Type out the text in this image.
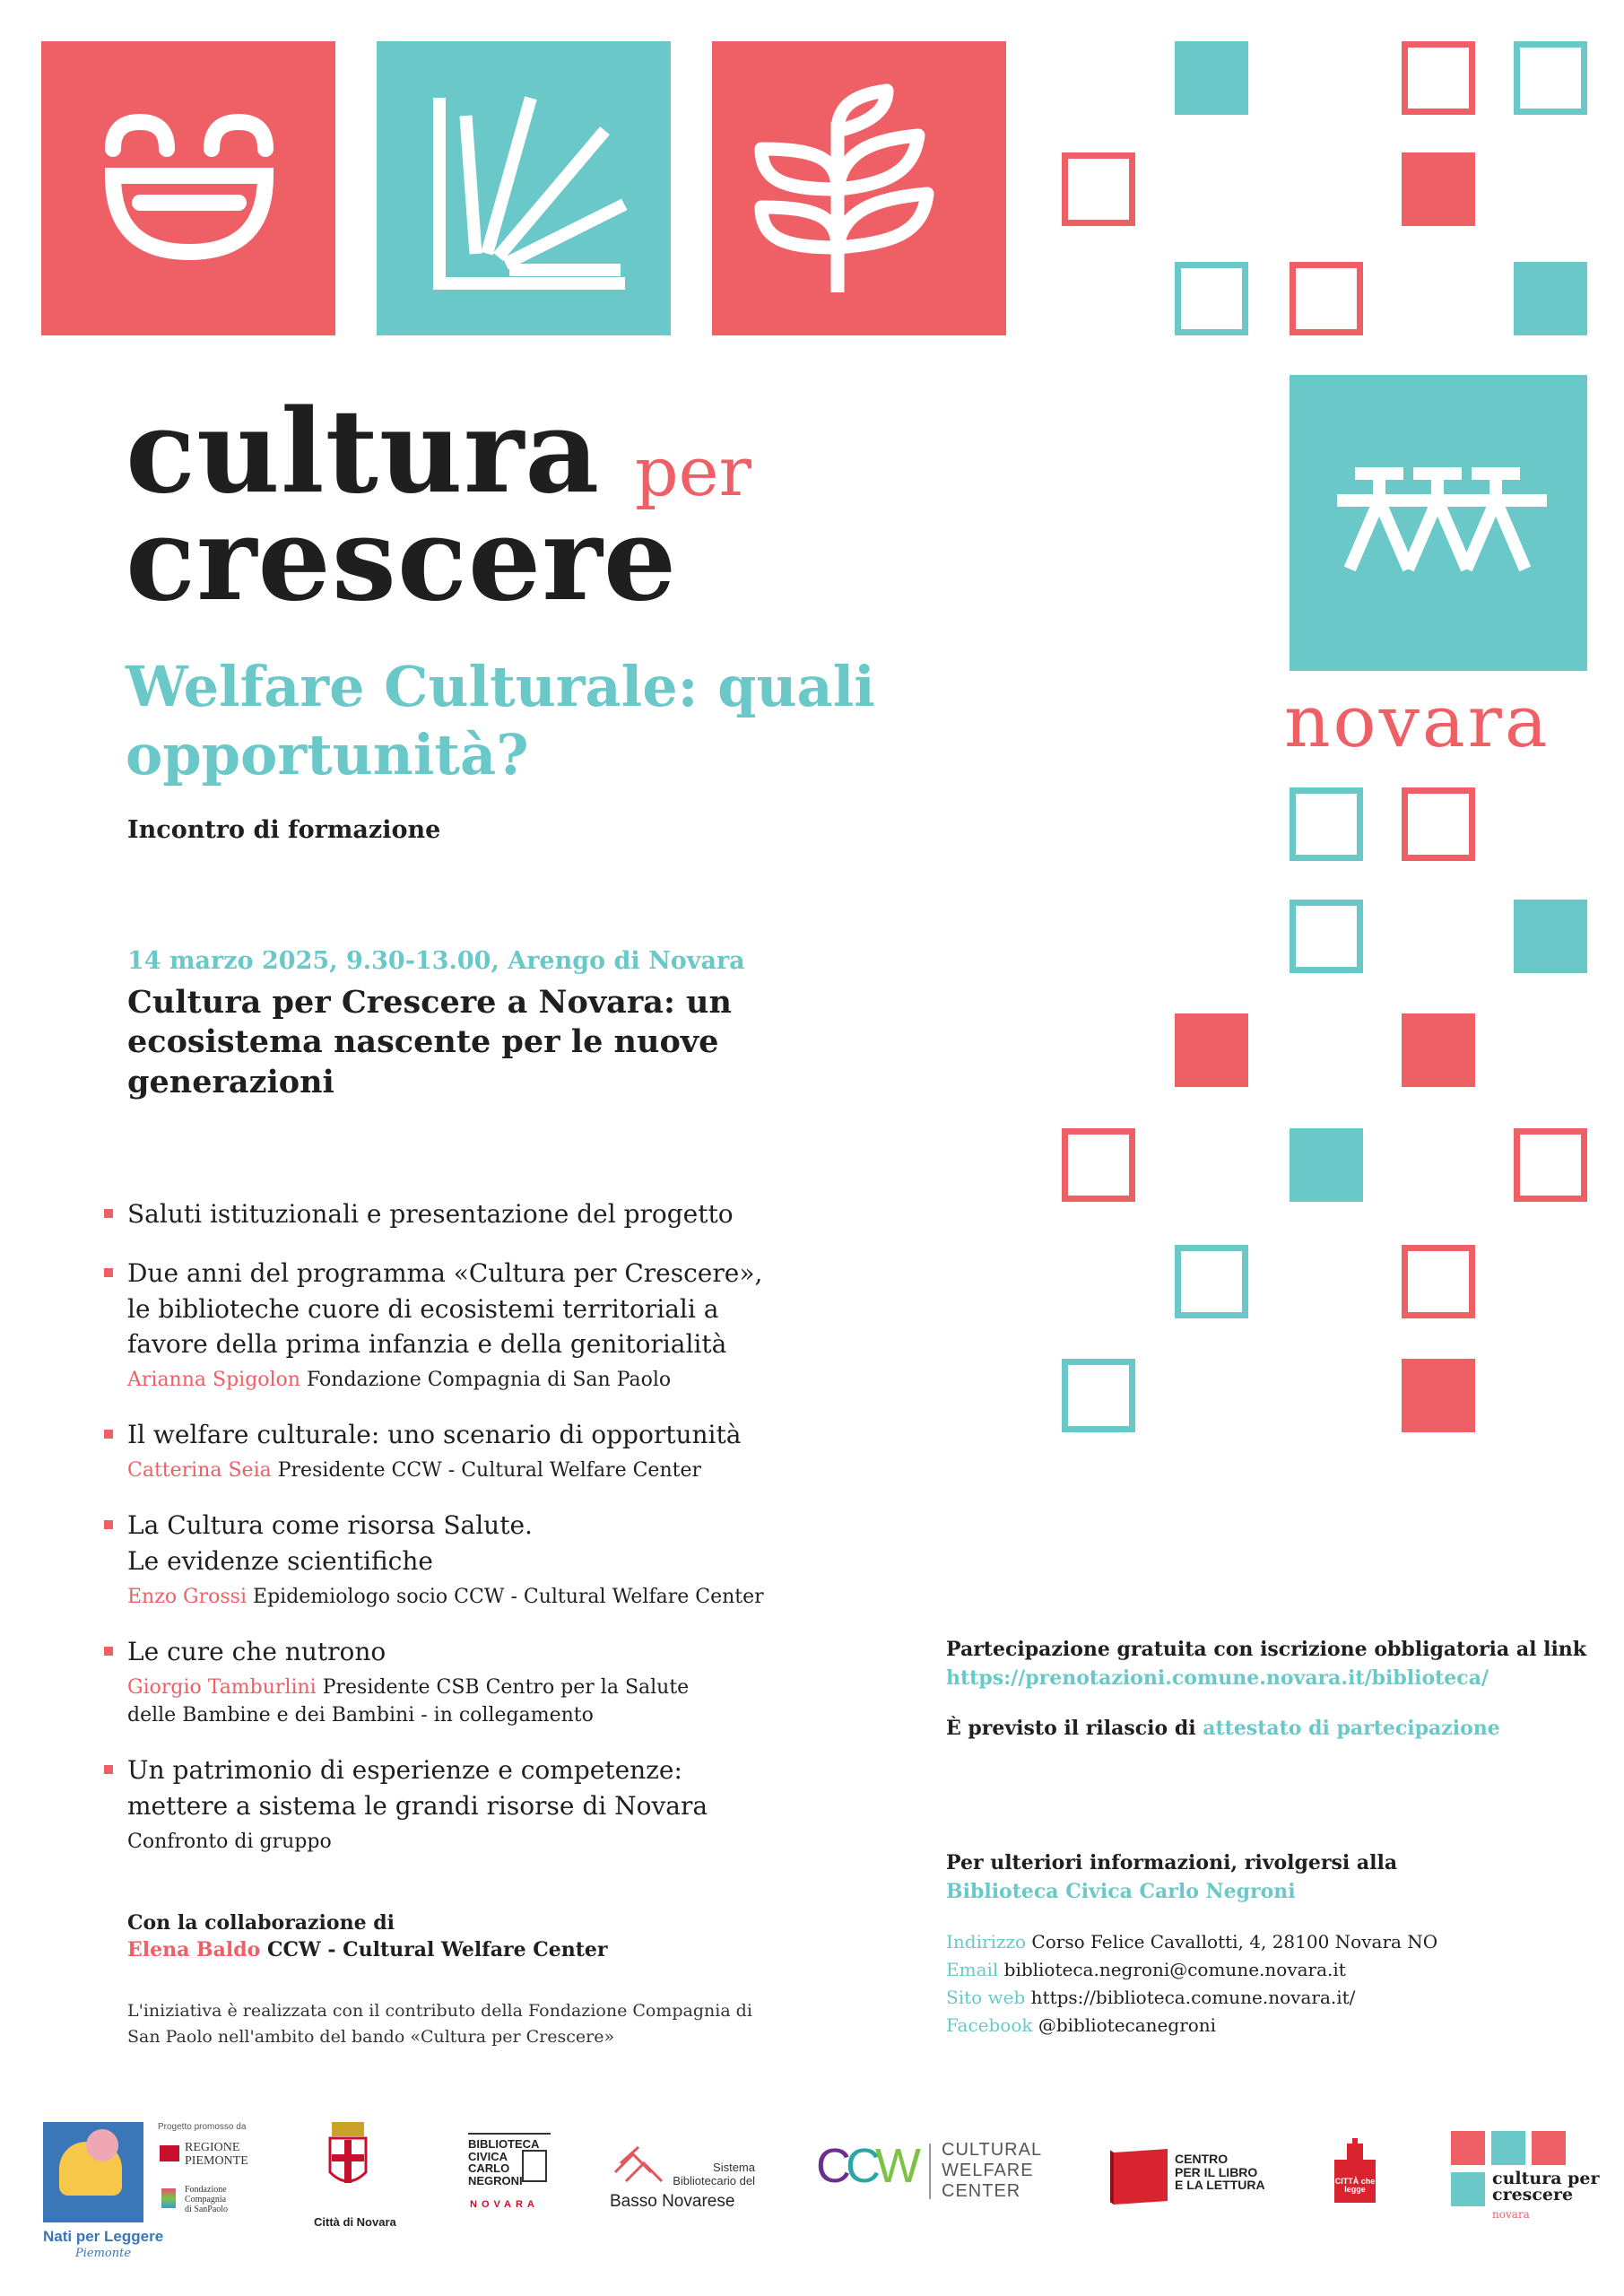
novara
cultura per
crescere
Welfare Culturale: quali opportunità?
Incontro di formazione
14 marzo 2025, 9.30-13.00, Arengo di Novara
Cultura per Crescere a Novara: un ecosistema nascente per le nuove generazioni
Saluti istituzionali e presentazione del progetto
Due anni del programma «Cultura per Crescere»,
le biblioteche cuore di ecosistemi territoriali a
favore della prima infanzia e della genitorialità
Arianna Spigolon Fondazione Compagnia di San Paolo
Il welfare culturale: uno scenario di opportunità
Catterina Seia Presidente CCW - Cultural Welfare Center
La Cultura come risorsa Salute.
Le evidenze scientifiche
Enzo Grossi Epidemiologo socio CCW - Cultural Welfare Center
Le cure che nutrono
Giorgio Tamburlini Presidente CSB Centro per la Salute
delle Bambine e dei Bambini - in collegamento
Un patrimonio di esperienze e competenze:
mettere a sistema le grandi risorse di Novara
Confronto di gruppo
Con la collaborazione di
Elena Baldo CCW - Cultural Welfare Center
L'iniziativa è realizzata con il contributo della Fondazione Compagnia di San Paolo nell'ambito del bando «Cultura per Crescere»
Partecipazione gratuita con iscrizione obbligatoria al link
https://prenotazioni.comune.novara.it/biblioteca/
È previsto il rilascio di attestato di partecipazione
Per ulteriori informazioni, rivolgersi alla
Biblioteca Civica Carlo Negroni
Indirizzo Corso Felice Cavallotti, 4, 28100 Novara NO
Email biblioteca.negroni@comune.novara.it
Sito web https://biblioteca.comune.novara.it/
Facebook @bibliotecanegroni
Nati per Leggere
Piemonte
Progetto promosso da
REGIONE
PIEMONTE
Fondazione
Compagnia
di SanPaolo
Città di Novara
BIBLIOTECA
CIVICA
CARLO
NEGRONI
NOVARA
Sistema
Bibliotecario del
Basso Novarese
CCW CULTURAL
WELFARE
CENTER
CENTRO
PER IL LIBRO
E LA LETTURA	CITTÀ che legge
cultura per crescere
novara
